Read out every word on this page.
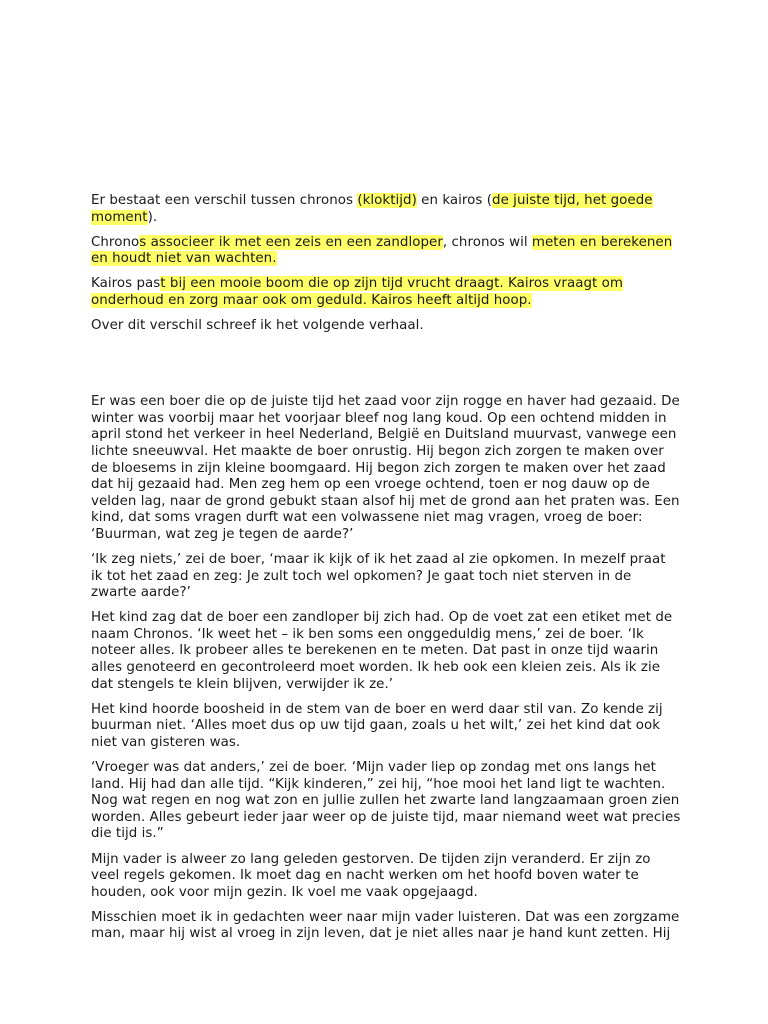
Er bestaat een verschil tussen chronos (kloktijd) en kairos (de juiste tijd, het goede moment).

Chronos associeer ik met een zeis en een zandloper, chronos wil meten en berekenen en houdt niet van wachten.

Kairos past bij een mooie boom die op zijn tijd vrucht draagt. Kairos vraagt om onderhoud en zorg maar ook om geduld. Kairos heeft altijd hoop.

Over dit verschil schreef ik het volgende verhaal.

Er was een boer die op de juiste tijd het zaad voor zijn rogge en haver had gezaaid. De winter was voorbij maar het voorjaar bleef nog lang koud. Op een ochtend midden in april stond het verkeer in heel Nederland, België en Duitsland muurvast, vanwege een lichte sneeuwval. Het maakte de boer onrustig. Hij begon zich zorgen te maken over de bloesems in zijn kleine boomgaard. Hij begon zich zorgen te maken over het zaad dat hij gezaaid had. Men zeg hem op een vroege ochtend, toen er nog dauw op de velden lag, naar de grond gebukt staan alsof hij met de grond aan het praten was. Een kind, dat soms vragen durft wat een volwassene niet mag vragen, vroeg de boer: ‘Buurman, wat zeg je tegen de aarde?’

‘Ik zeg niets,’ zei de boer, ‘maar ik kijk of ik het zaad al zie opkomen. In mezelf praat ik tot het zaad en zeg: Je zult toch wel opkomen? Je gaat toch niet sterven in de zwarte aarde?’

Het kind zag dat de boer een zandloper bij zich had. Op de voet zat een etiket met de naam Chronos. ‘Ik weet het – ik ben soms een onggeduldig mens,’ zei de boer. ‘Ik noteer alles. Ik probeer alles te berekenen en te meten. Dat past in onze tijd waarin alles genoteerd en gecontroleerd moet worden. Ik heb ook een kleien zeis. Als ik zie dat stengels te klein blijven, verwijder ik ze.’

Het kind hoorde boosheid in de stem van de boer en werd daar stil van. Zo kende zij buurman niet. ‘Alles moet dus op uw tijd gaan, zoals u het wilt,’ zei het kind dat ook niet van gisteren was.

‘Vroeger was dat anders,’ zei de boer. ‘Mijn vader liep op zondag met ons langs het land. Hij had dan alle tijd. “Kijk kinderen,” zei hij, “hoe mooi het land ligt te wachten. Nog wat regen en nog wat zon en jullie zullen het zwarte land langzaamaan groen zien worden. Alles gebeurt ieder jaar weer op de juiste tijd, maar niemand weet wat precies die tijd is.”

Mijn vader is alweer zo lang geleden gestorven. De tijden zijn veranderd. Er zijn zo veel regels gekomen. Ik moet dag en nacht werken om het hoofd boven water te houden, ook voor mijn gezin. Ik voel me vaak opgejaagd.

Misschien moet ik in gedachten weer naar mijn vader luisteren. Dat was een zorgzame man, maar hij wist al vroeg in zijn leven, dat je niet alles naar je hand kunt zetten. Hij
